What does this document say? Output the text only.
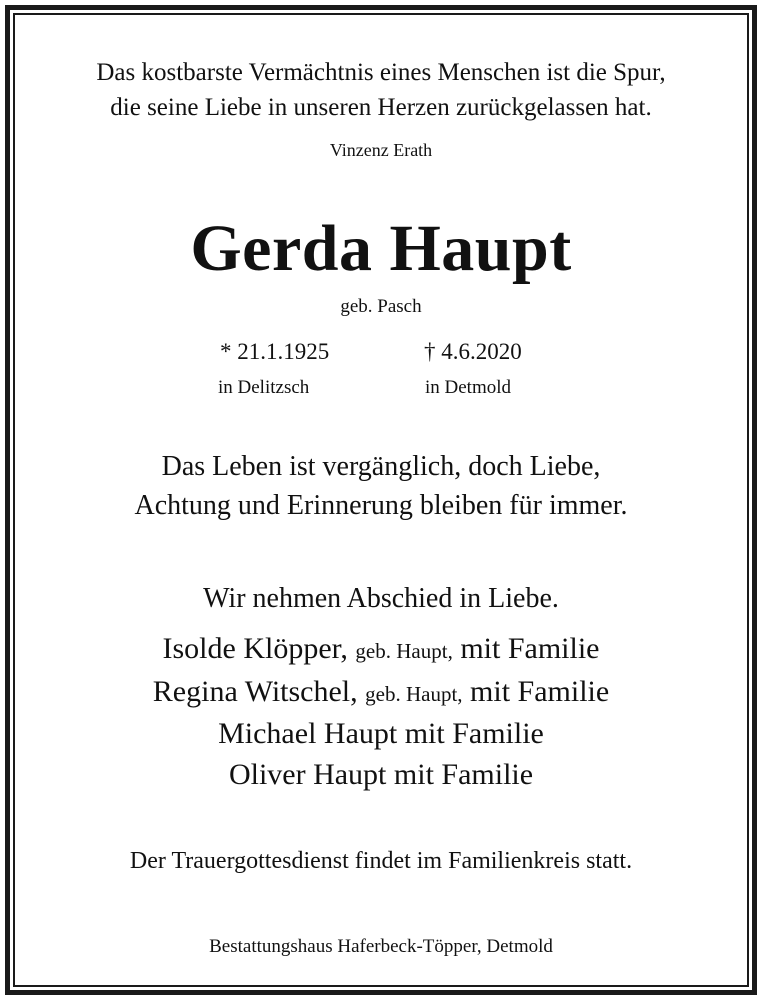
Das kostbarste Vermächtnis eines Menschen ist die Spur,
die seine Liebe in unseren Herzen zurückgelassen hat.
Vinzenz Erath
Gerda Haupt
geb. Pasch
* 21.1.1925	† 4.6.2020
in Delitzsch	in Detmold
Das Leben ist vergänglich, doch Liebe,
Achtung und Erinnerung bleiben für immer.
Wir nehmen Abschied in Liebe.
Isolde Klöpper, geb. Haupt, mit Familie
Regina Witschel, geb. Haupt, mit Familie
Michael Haupt mit Familie
Oliver Haupt mit Familie
Der Trauergottesdienst findet im Familienkreis statt.
Bestattungshaus Haferbeck-Töpper, Detmold
